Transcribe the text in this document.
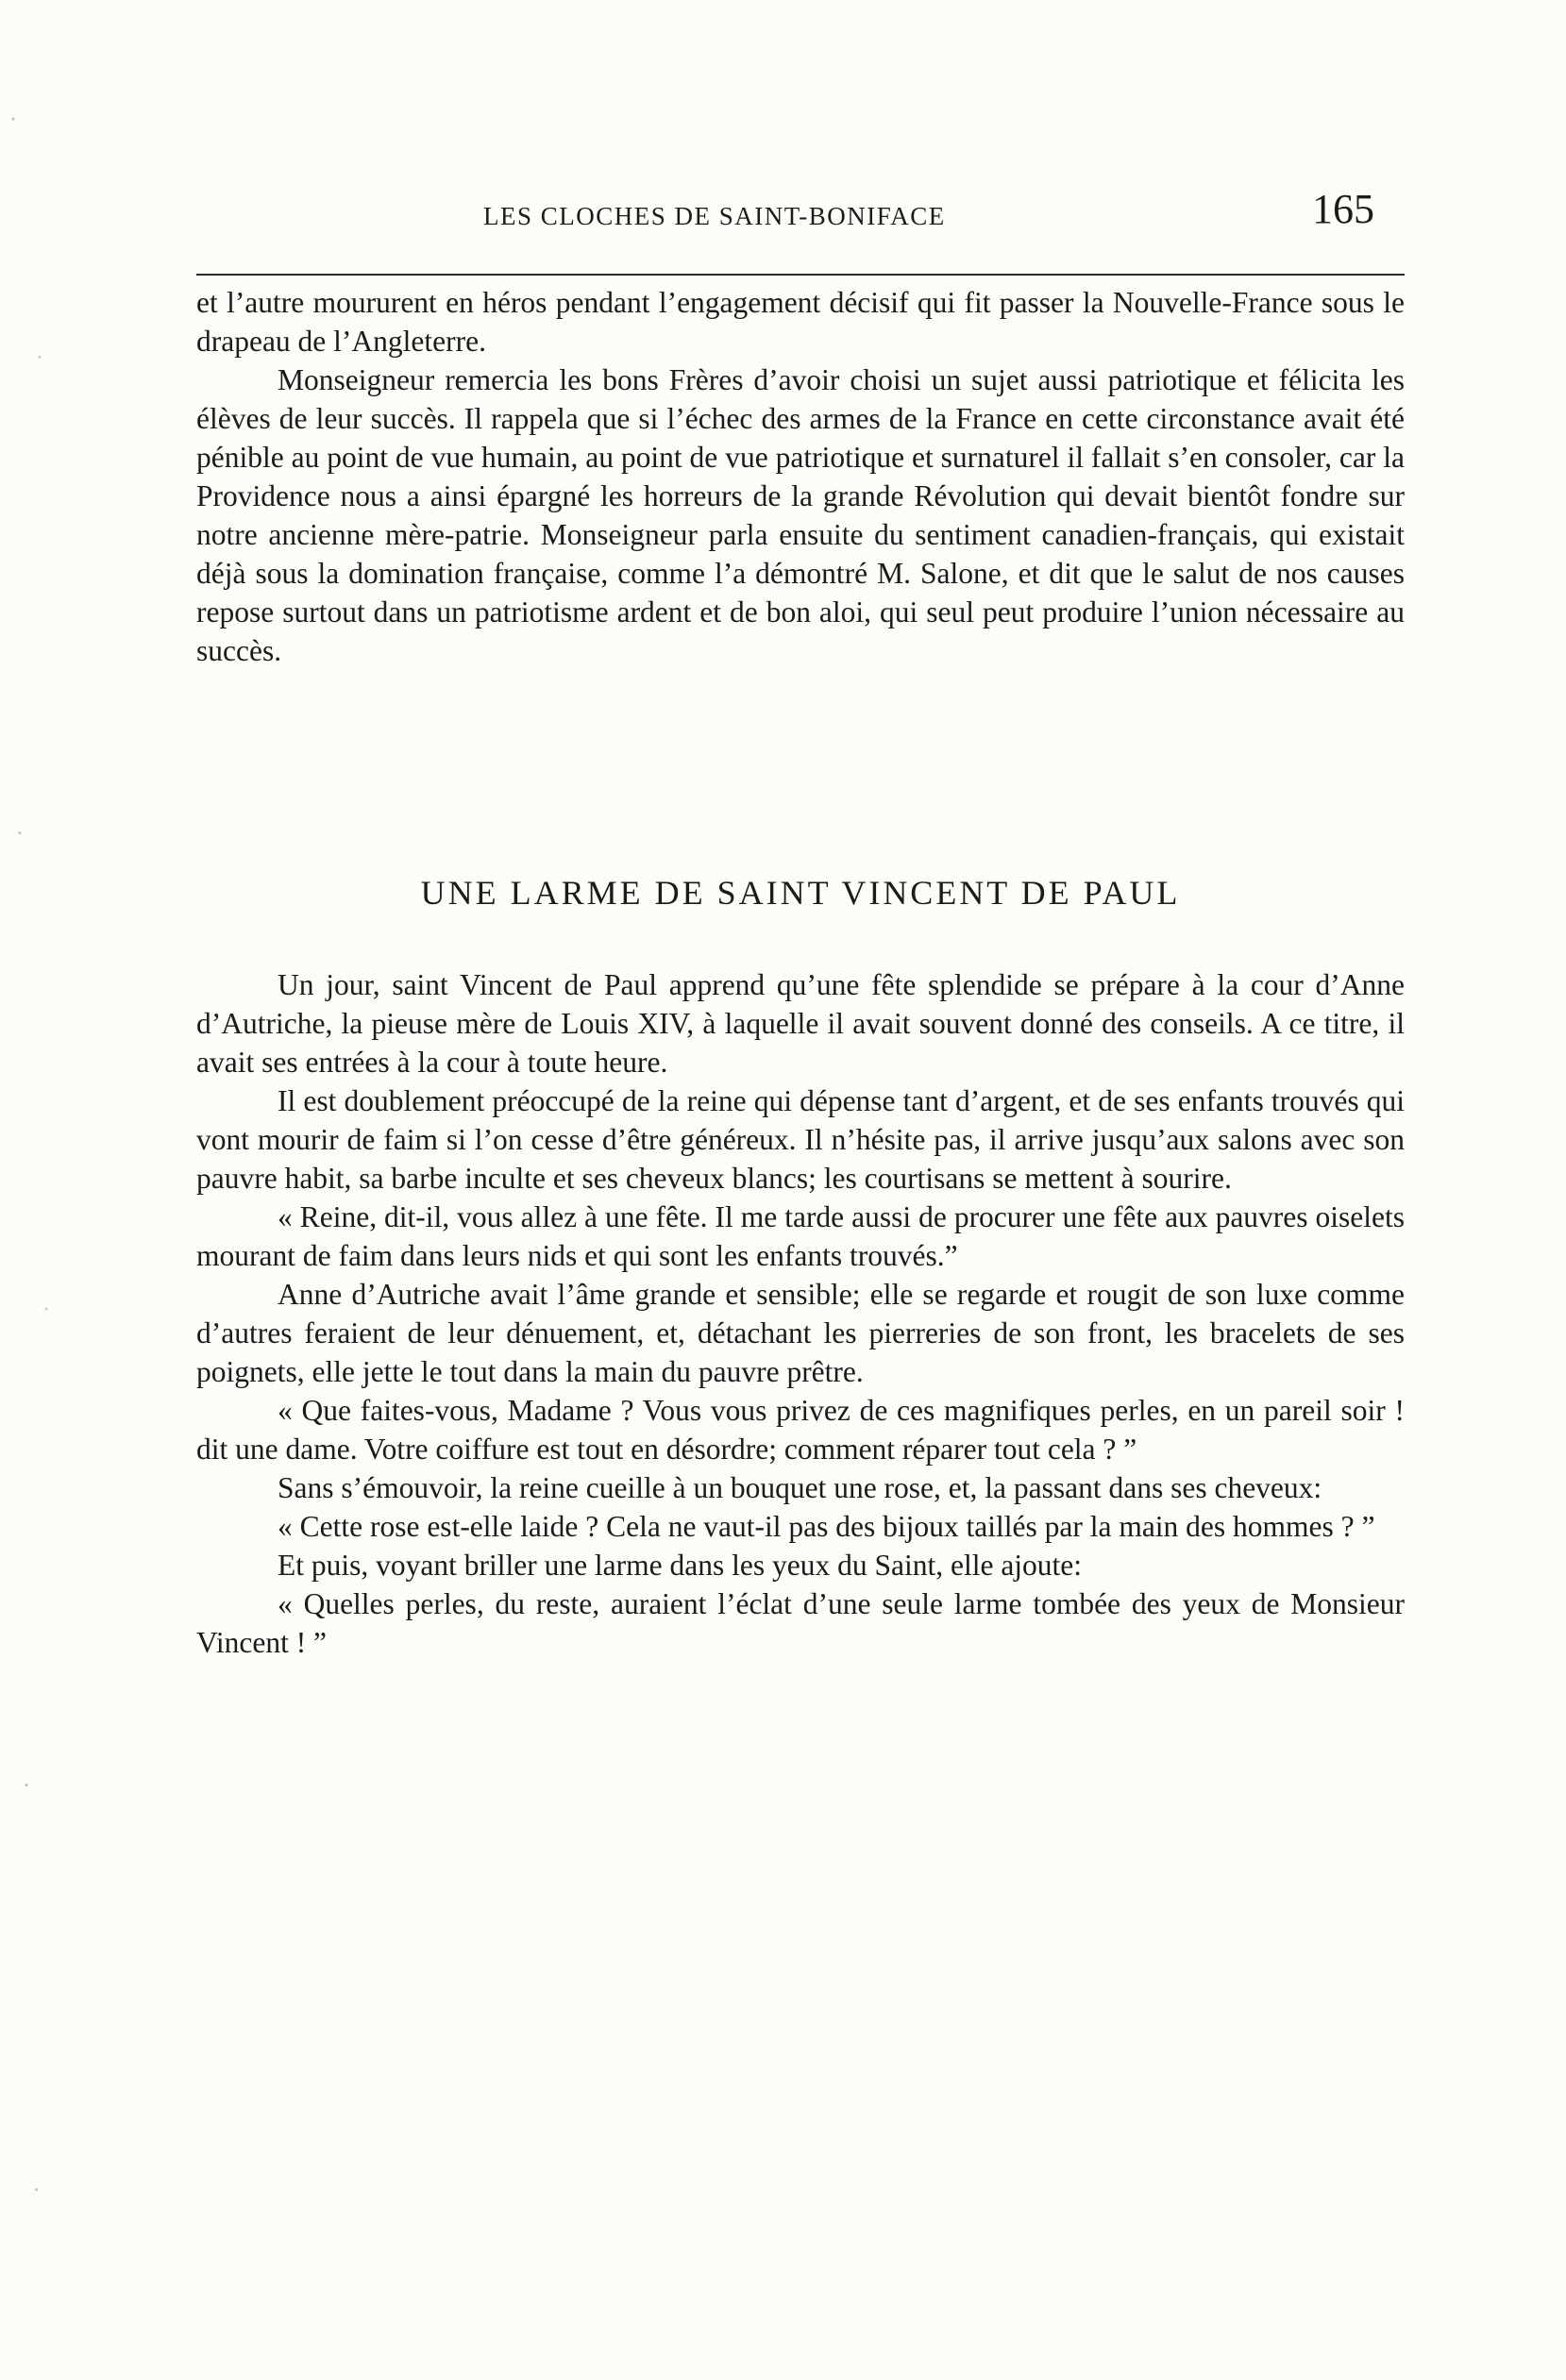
LES CLOCHES DE SAINT-BONIFACE	165

et l’autre moururent en héros pendant l’engagement décisif qui fit passer la Nouvelle-France sous le drapeau de l’Angleterre.

Monseigneur remercia les bons Frères d’avoir choisi un sujet aussi patriotique et félicita les élèves de leur succès. Il rappela que si l’échec des armes de la France en cette circonstance avait été pénible au point de vue humain, au point de vue patriotique et surnaturel il fallait s’en consoler, car la Providence nous a ainsi épargné les horreurs de la grande Révolution qui devait bientôt fondre sur notre ancienne mère-patrie. Monseigneur parla ensuite du sentiment canadien-français, qui existait déjà sous la domination française, comme l’a démontré M. Salone, et dit que le salut de nos causes repose surtout dans un patriotisme ardent et de bon aloi, qui seul peut produire l’union nécessaire au succès.

UNE LARME DE SAINT VINCENT DE PAUL

Un jour, saint Vincent de Paul apprend qu’une fête splendide se prépare à la cour d’Anne d’Autriche, la pieuse mère de Louis XIV, à laquelle il avait souvent donné des conseils. A ce titre, il avait ses entrées à la cour à toute heure.

Il est doublement préoccupé de la reine qui dépense tant d’argent, et de ses enfants trouvés qui vont mourir de faim si l’on cesse d’être généreux. Il n’hésite pas, il arrive jusqu’aux salons avec son pauvre habit, sa barbe inculte et ses cheveux blancs; les courtisans se mettent à sourire.

« Reine, dit-il, vous allez à une fête. Il me tarde aussi de procurer une fête aux pauvres oiselets mourant de faim dans leurs nids et qui sont les enfants trouvés.”

Anne d’Autriche avait l’âme grande et sensible; elle se regarde et rougit de son luxe comme d’autres feraient de leur dénuement, et, détachant les pierreries de son front, les bracelets de ses poignets, elle jette le tout dans la main du pauvre prêtre.

« Que faites-vous, Madame ? Vous vous privez de ces magnifiques perles, en un pareil soir ! dit une dame. Votre coiffure est tout en désordre; comment réparer tout cela ? ”

Sans s’émouvoir, la reine cueille à un bouquet une rose, et, la passant dans ses cheveux:

« Cette rose est-elle laide ? Cela ne vaut-il pas des bijoux taillés par la main des hommes ? ”

Et puis, voyant briller une larme dans les yeux du Saint, elle ajoute:

« Quelles perles, du reste, auraient l’éclat d’une seule larme tombée des yeux de Monsieur Vincent ! ”
